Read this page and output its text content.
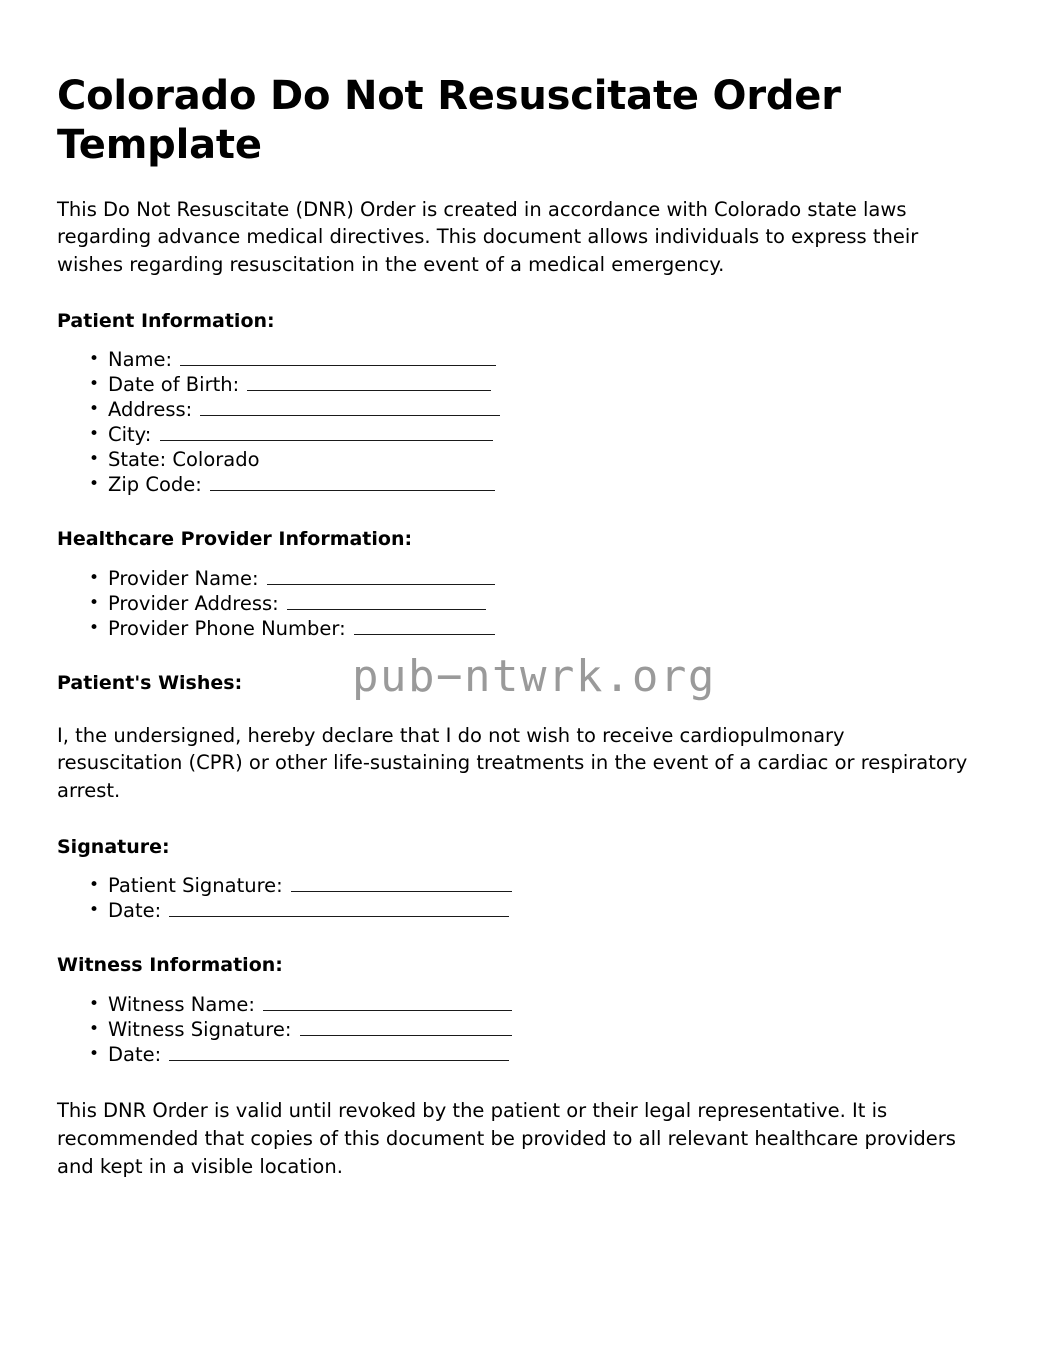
Colorado Do Not Resuscitate Order Template

This Do Not Resuscitate (DNR) Order is created in accordance with Colorado state laws regarding advance medical directives. This document allows individuals to express their wishes regarding resuscitation in the event of a medical emergency.

Patient Information:
• Name:
• Date of Birth:
• Address:
• City:
• State: Colorado
• Zip Code:
Healthcare Provider Information:
• Provider Name:
• Provider Address:
• Provider Phone Number:
Patient's Wishes:

I, the undersigned, hereby declare that I do not wish to receive cardiopulmonary resuscitation (CPR) or other life-sustaining treatments in the event of a cardiac or respiratory arrest.

Signature:
• Patient Signature:
• Date:
Witness Information:
• Witness Name:
• Witness Signature:
• Date:

This DNR Order is valid until revoked by the patient or their legal representative. It is recommended that copies of this document be provided to all relevant healthcare providers and kept in a visible location.

pub−ntwrk.org
